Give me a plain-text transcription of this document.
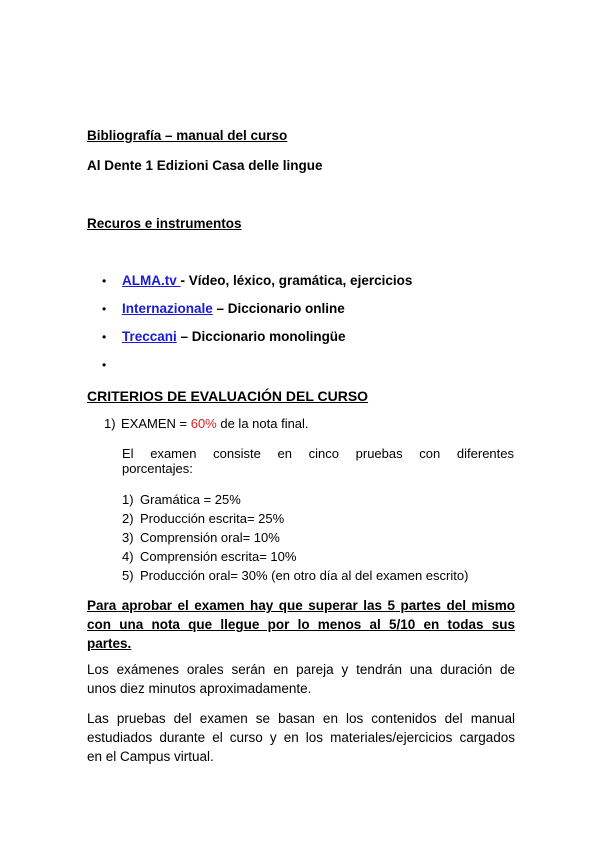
Bibliografía – manual del curso
Al Dente 1 Edizioni Casa delle lingue
Recuros e instrumentos
• ALMA.tv - Vídeo, léxico, gramática, ejercicios
• Internazionale – Diccionario online
• Treccani – Diccionario monolingüe
•
CRITERIOS DE EVALUACIÓN DEL CURSO
1) EXAMEN = 60% de la nota final.
El examen consiste en cinco pruebas con diferentes
porcentajes:
1) Gramática = 25%
2) Producción escrita= 25%
3) Comprensión oral= 10%
4) Comprensión escrita= 10%
5) Producción oral= 30% (en otro día al del examen escrito)
Para aprobar el examen hay que superar las 5 partes del mismo
con una nota que llegue por lo menos al 5/10 en todas sus
partes.
Los exámenes orales serán en pareja y tendrán una duración de
unos diez minutos aproximadamente.
Las pruebas del examen se basan en los contenidos del manual
estudiados durante el curso y en los materiales/ejercicios cargados
en el Campus virtual.
